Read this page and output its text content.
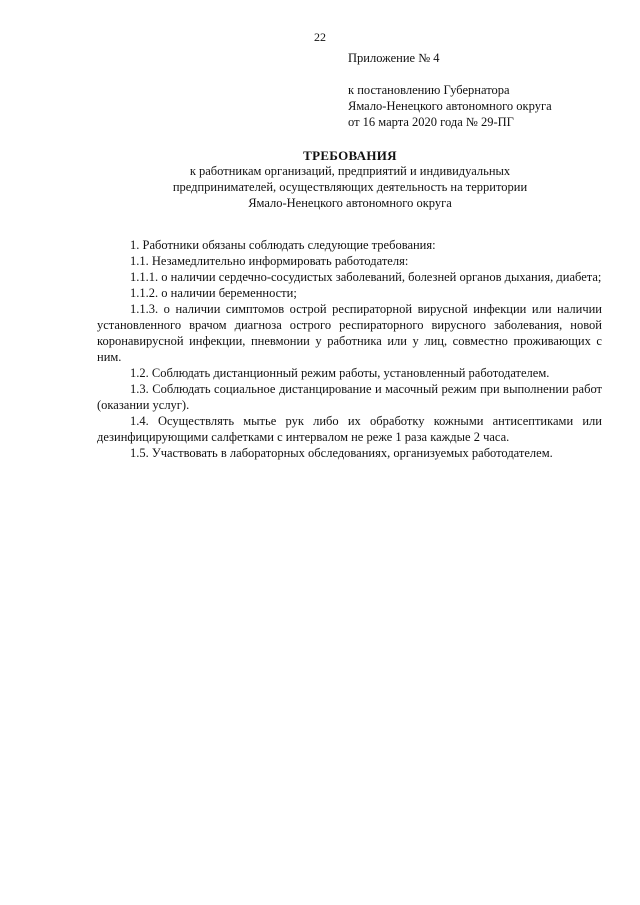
22
Приложение № 4
к постановлению Губернатора
Ямало-Ненецкого автономного округа
от 16 марта 2020 года № 29-ПГ
ТРЕБОВАНИЯ
к работникам организаций, предприятий и индивидуальных
предпринимателей, осуществляющих деятельность на территории
Ямало-Ненецкого автономного округа

1. Работники обязаны соблюдать следующие требования:

1.1. Незамедлительно информировать работодателя:

1.1.1. о наличии сердечно-сосудистых заболеваний, болезней органов дыхания, диабета;

1.1.2. о наличии беременности;

1.1.3. о наличии симптомов острой респираторной вирусной инфекции или наличии установленного врачом диагноза острого респираторного вирусного заболевания, новой коронавирусной инфекции, пневмонии у работника или у лиц, совместно проживающих с ним.

1.2. Соблюдать дистанционный режим работы, установленный работодателем.

1.3. Соблюдать социальное дистанцирование и масочный режим при выполнении работ (оказании услуг).

1.4. Осуществлять мытье рук либо их обработку кожными антисептиками или дезинфицирующими салфетками с интервалом не реже 1 раза каждые 2 часа.

1.5. Участвовать в лабораторных обследованиях, организуемых работодателем.
